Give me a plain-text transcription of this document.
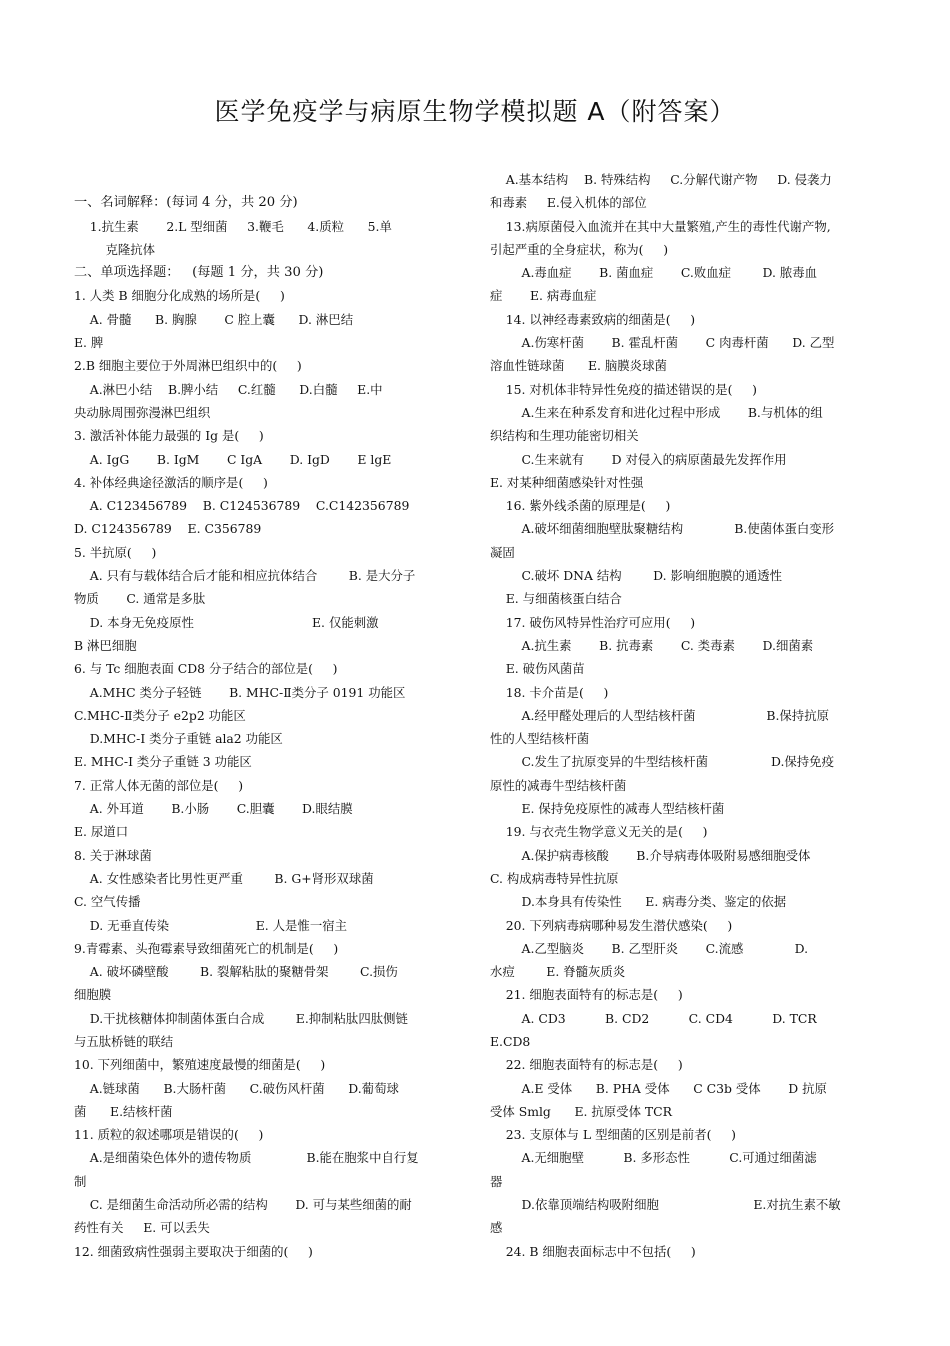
医学免疫学与病原生物学模拟题 A（附答案）
一、名词解释：(每词 4 分，共 20 分)
1.抗生素       2.L 型细菌     3.鞭毛      4.质粒      5.单
克隆抗体
二、单项选择题：   (每题 1 分，共 30 分)
1. 人类 B 细胞分化成熟的场所是(     )
A. 骨髓      B. 胸腺       C 腔上囊      D. 淋巴结
E. 脾
2.B 细胞主要位于外周淋巴组织中的(     )
A.淋巴小结    B.脾小结     C.红髓      D.白髓     E.中
央动脉周围弥漫淋巴组织
3. 激活补体能力最强的 Ig 是(     )
A. IgG       B. IgM       C IgA       D. IgD       E lgE
4. 补体经典途径激活的顺序是(     )
A. C123456789    B. C124536789    C.C142356789
D. C124356789    E. C356789
5. 半抗原(     )
A. 只有与载体结合后才能和相应抗体结合        B. 是大分子
物质       C. 通常是多肽
D. 本身无免疫原性                              E. 仅能刺激
B 淋巴细胞
6. 与 Tc 细胞表面 CD8 分子结合的部位是(     )
A.MHC 类分子轻链       B. MHC-Ⅱ类分子 0191 功能区
C.MHC-Ⅱ类分子 e2p2 功能区
D.MHC-I 类分子重链 ala2 功能区
E. MHC-I 类分子重链 3 功能区
7. 正常人体无菌的部位是(     )
A. 外耳道       B.小肠       C.胆囊       D.眼结膜
E. 尿道口
8. 关于淋球菌
A. 女性感染者比男性更严重        B. G+肾形双球菌
C. 空气传播
D. 无垂直传染                      E. 人是惟一宿主
9.青霉素、头孢霉素导致细菌死亡的机制是(     )
A. 破坏磷壁酸        B. 裂解粘肽的聚糖骨架        C.损伤
细胞膜
D.干扰核糖体抑制菌体蛋白合成        E.抑制粘肽四肽侧链
与五肽桥链的联结
10. 下列细菌中，繁殖速度最慢的细菌是(     )
A.链球菌      B.大肠杆菌      C.破伤风杆菌      D.葡萄球
菌      E.结核杆菌
11. 质粒的叙述哪项是错误的(     )
A.是细菌染色体外的遗传物质              B.能在胞浆中自行复
制
C. 是细菌生命活动所必需的结构       D. 可与某些细菌的耐
药性有关     E. 可以丢失
12. 细菌致病性强弱主要取决于细菌的(     )
A.基本结构    B. 特殊结构     C.分解代谢产物     D. 侵袭力
和毒素     E.侵入机体的部位
13.病原菌侵入血流并在其中大量繁殖,产生的毒性代谢产物,
引起严重的全身症状，称为(     )
A.毒血症       B. 菌血症       C.败血症        D. 脓毒血
症       E. 病毒血症
14. 以神经毒素致病的细菌是(     )
A.伤寒杆菌       B. 霍乱杆菌       C 肉毒杆菌      D. 乙型
溶血性链球菌      E. 脑膜炎球菌
15. 对机体非特异性免疫的描述错误的是(     )
A.生来在种系发育和进化过程中形成       B.与机体的组
织结构和生理功能密切相关
C.生来就有       D 对侵入的病原菌最先发挥作用
E. 对某种细菌感染针对性强
16. 紫外线杀菌的原理是(     )
A.破坏细菌细胞壁肽聚糖结构             B.使菌体蛋白变形
凝固
C.破坏 DNA 结构        D. 影响细胞膜的通透性
E. 与细菌核蛋白结合
17. 破伤风特异性治疗可应用(     )
A.抗生素       B. 抗毒素       C. 类毒素       D.细菌素
E. 破伤风菌苗
18. 卡介苗是(     )
A.经甲醛处理后的人型结核杆菌                  B.保持抗原
性的人型结核杆菌
C.发生了抗原变异的牛型结核杆菌                D.保持免疫
原性的减毒牛型结核杆菌
E. 保持免疫原性的减毒人型结核杆菌
19. 与衣壳生物学意义无关的是(     )
A.保护病毒核酸       B.介导病毒体吸附易感细胞受体
C. 构成病毒特异性抗原
D.本身具有传染性      E. 病毒分类、鉴定的依据
20. 下列病毒病哪种易发生潜伏感染(     )
A.乙型脑炎       B. 乙型肝炎       C.流感             D.
水痘        E. 脊髓灰质炎
21. 细胞表面特有的标志是(     )
A. CD3          B. CD2          C. CD4          D. TCR
E.CD8
22. 细胞表面特有的标志是(     )
A.E 受体      B. PHA 受体      C C3b 受体       D 抗原
受体 Smlg      E. 抗原受体 TCR
23. 支原体与 L 型细菌的区别是前者(     )
A.无细胞壁          B. 多形态性          C.可通过细菌滤
器
D.依靠顶端结构吸附细胞                        E.对抗生素不敏
感
24. B 细胞表面标志中不包括(     )
